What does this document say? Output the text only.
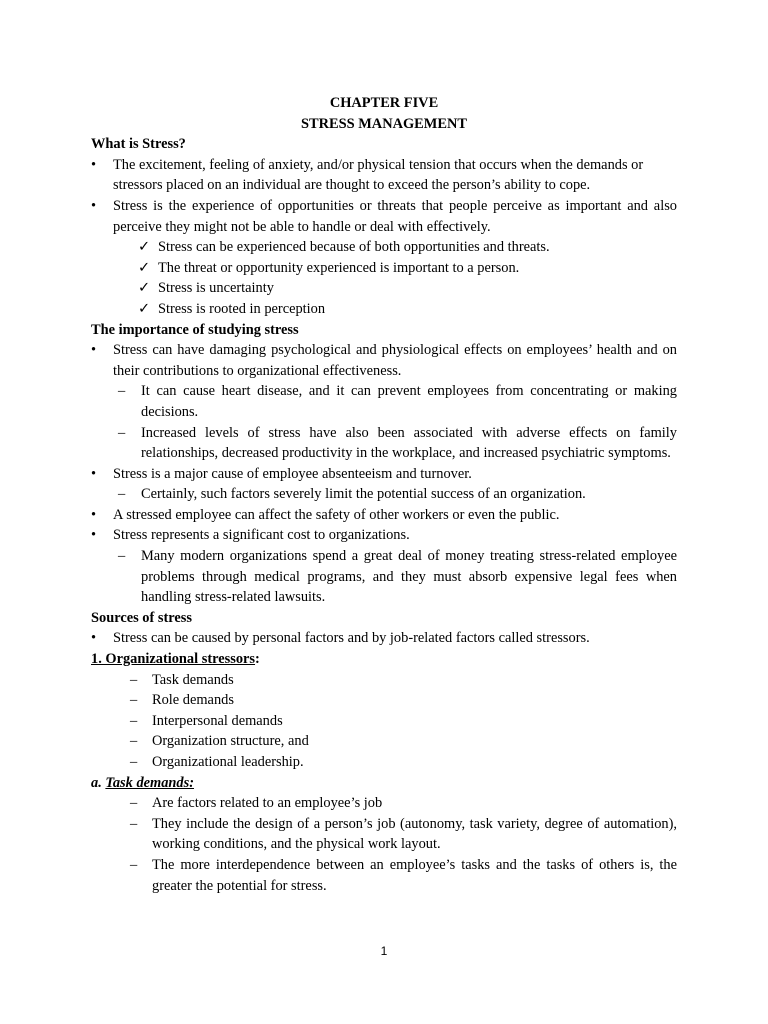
CHAPTER FIVE
STRESS MANAGEMENT
What is Stress?
• The excitement, feeling of anxiety, and/or physical tension that occurs when the demands or stressors placed on an individual are thought to exceed the person’s ability to cope.
• Stress is the experience of opportunities or threats that people perceive as important and also perceive they might not be able to handle or deal with effectively.
✓ Stress can be experienced because of both opportunities and threats.
✓ The threat or opportunity experienced is important to a person.
✓ Stress is uncertainty
✓ Stress is rooted in perception
The importance of studying stress
• Stress can have damaging psychological and physiological effects on employees’ health and on their contributions to organizational effectiveness.
– It can cause heart disease, and it can prevent employees from concentrating or making decisions.
– Increased levels of stress have also been associated with adverse effects on family relationships, decreased productivity in the workplace, and increased psychiatric symptoms.
• Stress is a major cause of employee absenteeism and turnover.
– Certainly, such factors severely limit the potential success of an organization.
• A stressed employee can affect the safety of other workers or even the public.
• Stress represents a significant cost to organizations.
– Many modern organizations spend a great deal of money treating stress-related employee problems through medical programs, and they must absorb expensive legal fees when handling stress-related lawsuits.
Sources of stress
• Stress can be caused by personal factors and by job-related factors called stressors.
1. Organizational stressors:
– Task demands
– Role demands
– Interpersonal demands
– Organization structure, and
– Organizational leadership.
a. Task demands:
– Are factors related to an employee’s job
– They include the design of a person’s job (autonomy, task variety, degree of automation), working conditions, and the physical work layout.
– The more interdependence between an employee’s tasks and the tasks of others is, the greater the potential for stress.
1
